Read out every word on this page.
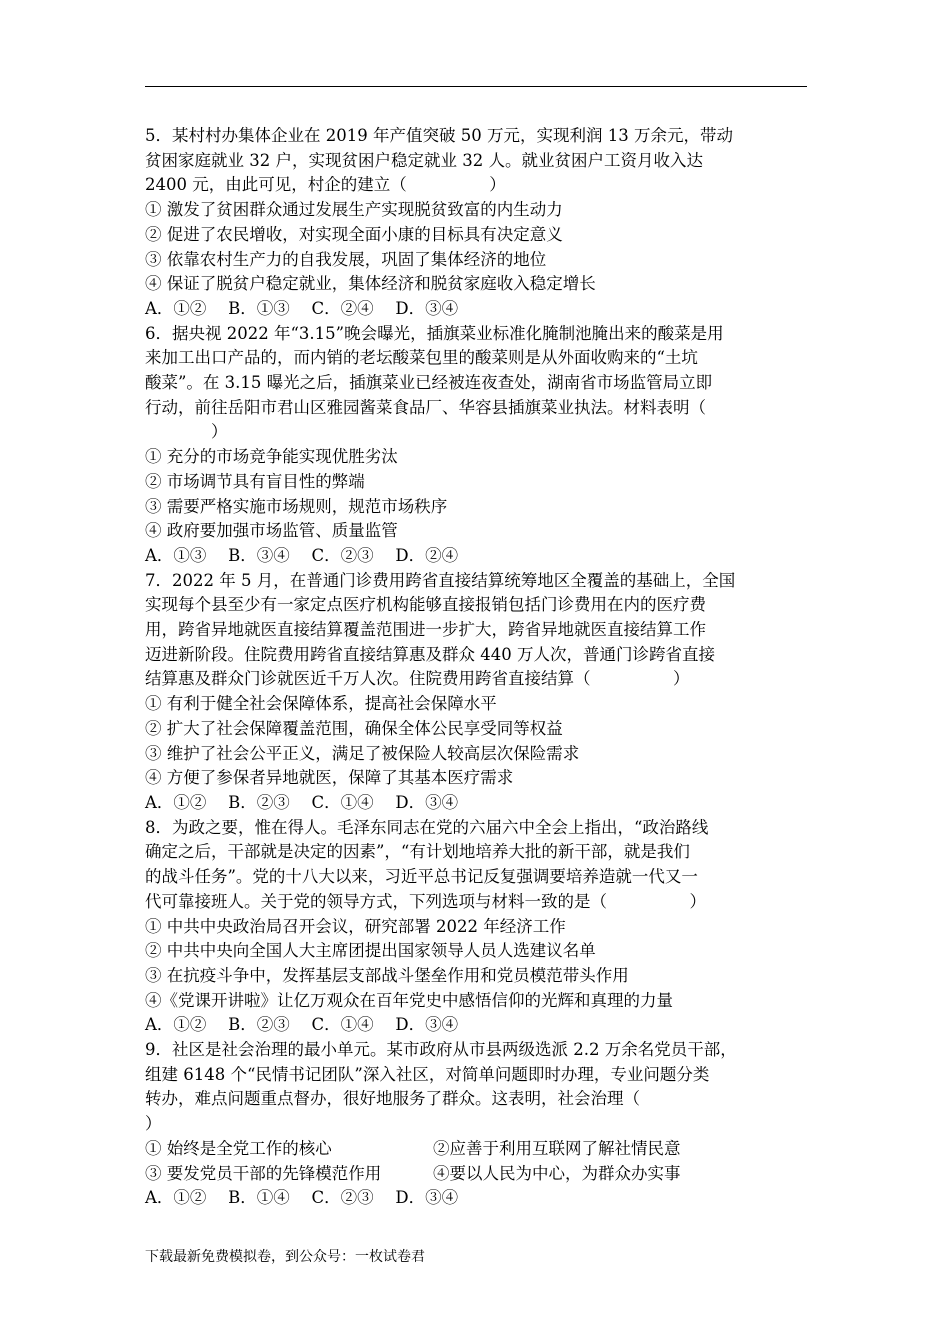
5．某村村办集体企业在 2019 年产值突破 50 万元，实现利润 13 万余元，带动
贫困家庭就业 32 户，实现贫困户稳定就业 32 人。就业贫困户工资月收入达
2400 元，由此可见，村企的建立（　　　　　）
① 激发了贫困群众通过发展生产实现脱贫致富的内生动力
② 促进了农民增收，对实现全面小康的目标具有决定意义
③ 依靠农村生产力的自我发展，巩固了集体经济的地位
④ 保证了脱贫户稳定就业，集体经济和脱贫家庭收入稳定增长
A．①②　 B．①③　 C．②④　 D．③④
6．据央视 2022 年“3.15”晚会曝光，插旗菜业标准化腌制池腌出来的酸菜是用
来加工出口产品的，而内销的老坛酸菜包里的酸菜则是从外面收购来的“土坑
酸菜”。在 3.15 曝光之后，插旗菜业已经被连夜查处，湖南省市场监管局立即
行动，前往岳阳市君山区雅园酱菜食品厂、华容县插旗菜业执法。材料表明（
　　　　）
① 充分的市场竞争能实现优胜劣汰
② 市场调节具有盲目性的弊端
③ 需要严格实施市场规则，规范市场秩序
④ 政府要加强市场监管、质量监管
A．①③　 B．③④　 C．②③　 D．②④
7．2022 年 5 月，在普通门诊费用跨省直接结算统筹地区全覆盖的基础上，全国
实现每个县至少有一家定点医疗机构能够直接报销包括门诊费用在内的医疗费
用，跨省异地就医直接结算覆盖范围进一步扩大，跨省异地就医直接结算工作
迈进新阶段。住院费用跨省直接结算惠及群众 440 万人次，普通门诊跨省直接
结算惠及群众门诊就医近千万人次。住院费用跨省直接结算（　　　　　）
① 有利于健全社会保障体系，提高社会保障水平
② 扩大了社会保障覆盖范围，确保全体公民享受同等权益
③ 维护了社会公平正义，满足了被保险人较高层次保险需求
④ 方便了参保者异地就医，保障了其基本医疗需求
A．①②　 B．②③　 C．①④　 D．③④
8．为政之要，惟在得人。毛泽东同志在党的六届六中全会上指出，“政治路线
确定之后，干部就是决定的因素”，“有计划地培养大批的新干部，就是我们
的战斗任务”。党的十八大以来，习近平总书记反复强调要培养造就一代又一
代可靠接班人。关于党的领导方式，下列选项与材料一致的是（　　　　　）
① 中共中央政治局召开会议，研究部署 2022 年经济工作
② 中共中央向全国人大主席团提出国家领导人员人选建议名单
③ 在抗疫斗争中，发挥基层支部战斗堡垒作用和党员模范带头作用
④《党课开讲啦》让亿万观众在百年党史中感悟信仰的光辉和真理的力量
A．①②　 B．②③　 C．①④　 D．③④
9．社区是社会治理的最小单元。某市政府从市县两级选派 2.2 万余名党员干部，
组建 6148 个“民情书记团队”深入社区，对简单问题即时办理，专业问题分类
转办，难点问题重点督办，很好地服务了群众。这表明，社会治理（
）
① 始终是全党工作的核心	②应善于利用互联网了解社情民意
③ 要发党员干部的先锋模范作用	④要以人民为中心，为群众办实事
A．①②　 B．①④　 C．②③　 D．③④
下载最新免费模拟卷，到公众号：一枚试卷君
